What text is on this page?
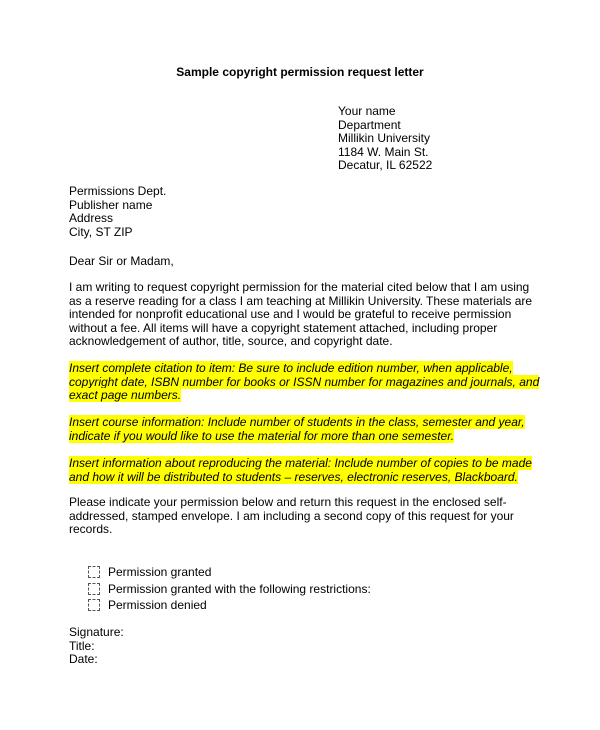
Sample copyright permission request letter
Your name
Department
Millikin University
1184 W. Main St.
Decatur, IL 62522
Permissions Dept.
Publisher name
Address
City, ST ZIP
Dear Sir or Madam,
I am writing to request copyright permission for the material cited below that I am using
as a reserve reading for a class I am teaching at Millikin University. These materials are
intended for nonprofit educational use and I would be grateful to receive permission
without a fee. All items will have a copyright statement attached, including proper
acknowledgement of author, title, source, and copyright date.
Insert complete citation to item: Be sure to include edition number, when applicable,
copyright date, ISBN number for books or ISSN number for magazines and journals, and
exact page numbers.
Insert course information: Include number of students in the class, semester and year,
indicate if you would like to use the material for more than one semester.
Insert information about reproducing the material: Include number of copies to be made
and how it will be distributed to students – reserves, electronic reserves, Blackboard.
Please indicate your permission below and return this request in the enclosed self-
addressed, stamped envelope. I am including a second copy of this request for your
records.
Permission granted
Permission granted with the following restrictions:
Permission denied
Signature:
Title:
Date:
